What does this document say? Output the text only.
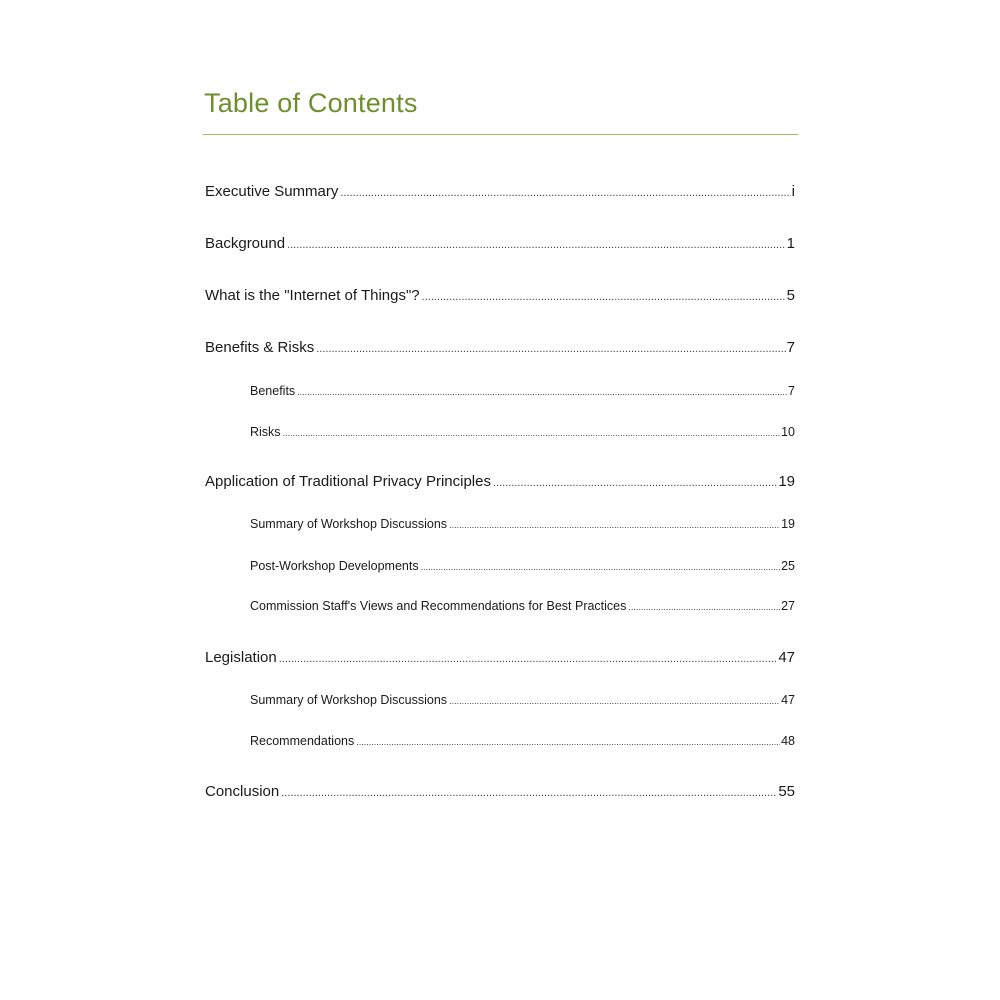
Table of Contents
Executive Summary .....	i
Background .....	1
What is the "Internet of Things"? .....	5
Benefits & Risks .....	7
Benefits .....	7
Risks .....	10
Application of Traditional Privacy Principles .....	19
Summary of Workshop Discussions .....	19
Post-Workshop Developments .....	25
Commission Staff's Views and Recommendations for Best Practices .....	27
Legislation .....	47
Summary of Workshop Discussions .....	47
Recommendations .....	48
Conclusion .....	55
